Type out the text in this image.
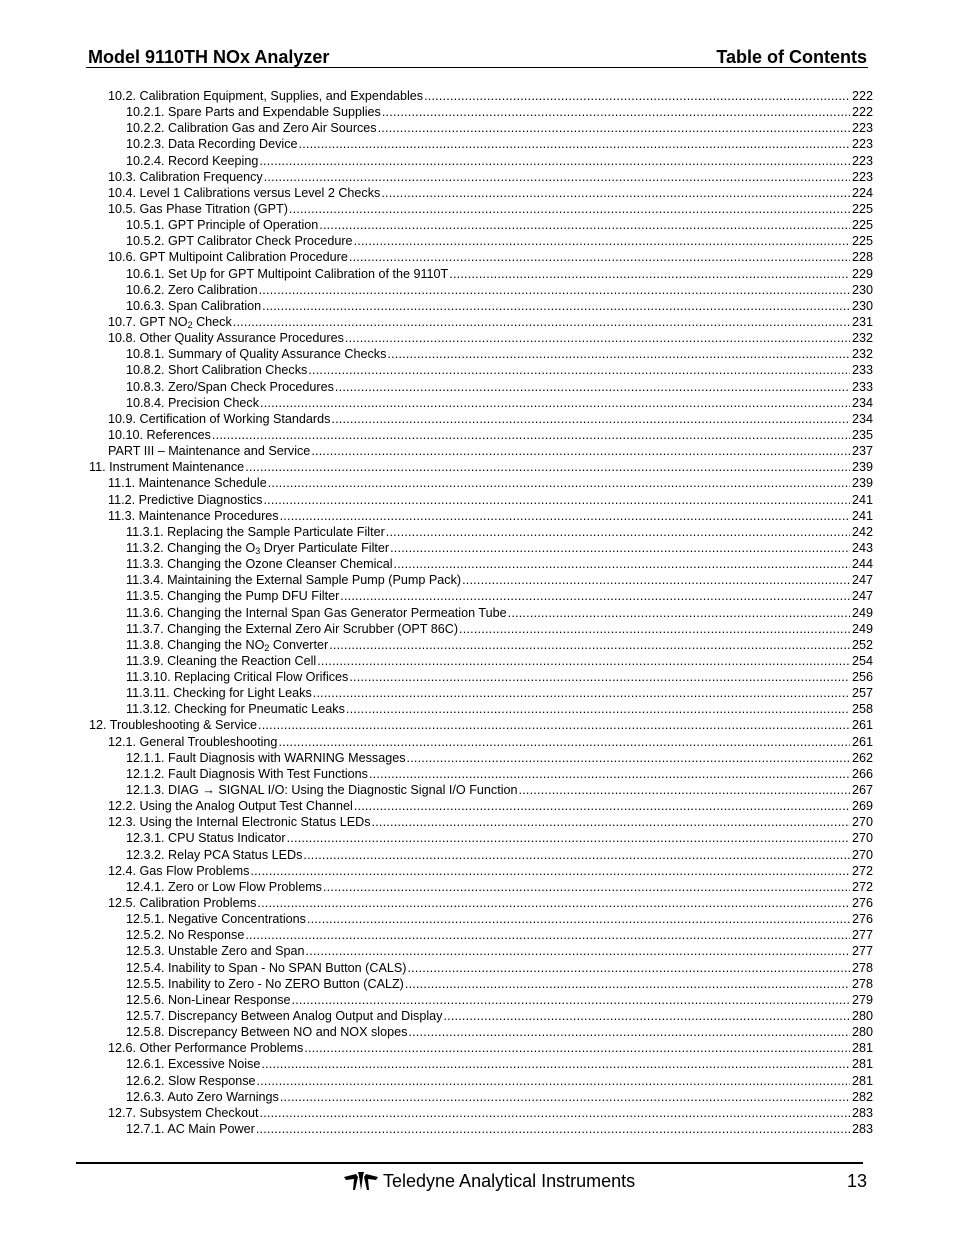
Model 9110TH NOx Analyzer	Table of Contents
10.2. Calibration Equipment, Supplies, and Expendables .....	222
10.2.1. Spare Parts and Expendable Supplies .....	222
10.2.2. Calibration Gas and Zero Air Sources .....	223
10.2.3. Data Recording Device .....	223
10.2.4. Record Keeping .....	223
10.3. Calibration Frequency .....	223
10.4. Level 1 Calibrations versus Level 2 Checks .....	224
10.5. Gas Phase Titration (GPT) .....	225
10.5.1. GPT Principle of Operation .....	225
10.5.2. GPT Calibrator Check Procedure .....	225
10.6. GPT Multipoint Calibration Procedure .....	228
10.6.1. Set Up for GPT Multipoint Calibration of the 9110T .....	229
10.6.2. Zero Calibration .....	230
10.6.3. Span Calibration .....	230
10.7. GPT $NO_2$ Check .....	231
10.8. Other Quality Assurance Procedures .....	232
10.8.1. Summary of Quality Assurance Checks .....	232
10.8.2. Short Calibration Checks .....	233
10.8.3. Zero/Span Check Procedures .....	233
10.8.4. Precision Check .....	234
10.9. Certification of Working Standards .....	234
10.10. References .....	235
PART III – Maintenance and Service .....	237
11. Instrument Maintenance .....	239
11.1. Maintenance Schedule .....	239
11.2. Predictive Diagnostics .....	241
11.3. Maintenance Procedures .....	241
11.3.1. Replacing the Sample Particulate Filter .....	242
11.3.2. Changing the $O_3$ Dryer Particulate Filter .....	243
11.3.3. Changing the Ozone Cleanser Chemical .....	244
11.3.4. Maintaining the External Sample Pump (Pump Pack) .....	247
11.3.5. Changing the Pump DFU Filter .....	247
11.3.6. Changing the Internal Span Gas Generator Permeation Tube .....	249
11.3.7. Changing the External Zero Air Scrubber (OPT 86C) .....	249
11.3.8. Changing the $NO_2$ Converter .....	252
11.3.9. Cleaning the Reaction Cell .....	254
11.3.10. Replacing Critical Flow Orifices .....	256
11.3.11. Checking for Light Leaks .....	257
11.3.12. Checking for Pneumatic Leaks .....	258
12. Troubleshooting & Service .....	261
12.1. General Troubleshooting .....	261
12.1.1. Fault Diagnosis with WARNING Messages .....	262
12.1.2. Fault Diagnosis With Test Functions .....	266
12.1.3. DIAG → SIGNAL I/O: Using the Diagnostic Signal I/O Function .....	267
12.2. Using the Analog Output Test Channel .....	269
12.3. Using the Internal Electronic Status LEDs .....	270
12.3.1. CPU Status Indicator .....	270
12.3.2. Relay PCA Status LEDs .....	270
12.4. Gas Flow Problems .....	272
12.4.1. Zero or Low Flow Problems .....	272
12.5. Calibration Problems .....	276
12.5.1. Negative Concentrations .....	276
12.5.2. No Response .....	277
12.5.3. Unstable Zero and Span .....	277
12.5.4. Inability to Span - No SPAN Button (CALS) .....	278
12.5.5. Inability to Zero - No ZERO Button (CALZ) .....	278
12.5.6. Non-Linear Response .....	279
12.5.7. Discrepancy Between Analog Output and Display .....	280
12.5.8. Discrepancy Between NO and NOX slopes .....	280
12.6. Other Performance Problems .....	281
12.6.1. Excessive Noise .....	281
12.6.2. Slow Response .....	281
12.6.3. Auto Zero Warnings .....	282
12.7. Subsystem Checkout .....	283
12.7.1. AC Main Power .....	283
Teledyne Analytical Instruments	13
